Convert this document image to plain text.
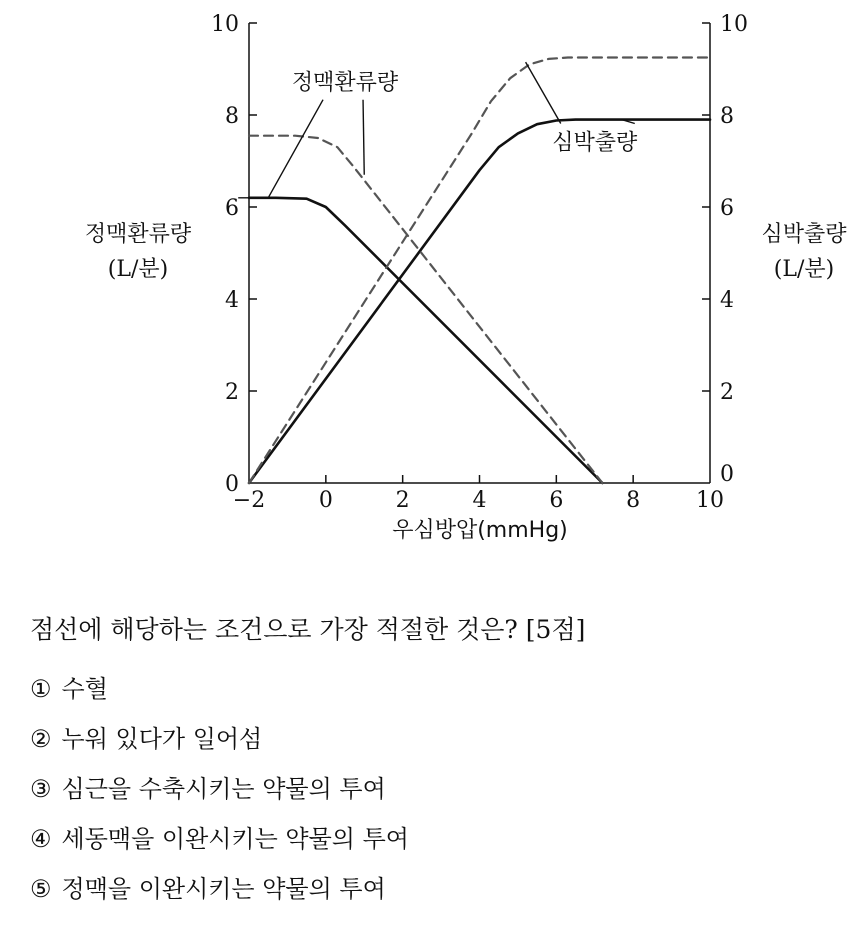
0
2
4
6
8
10
0
2
4
6
8
10
−2 0	2	4	6	8	10
정맥환류량
심박출량
우심방압(mmHg)
정맥환류량
(L/분)
심박출량
(L/분)

점선에 해당하는 조건으로 가장 적절한 것은? [5점]

① 수혈
② 누워 있다가 일어섬
③ 심근을 수축시키는 약물의 투여
④ 세동맥을 이완시키는 약물의 투여
⑤ 정맥을 이완시키는 약물의 투여
